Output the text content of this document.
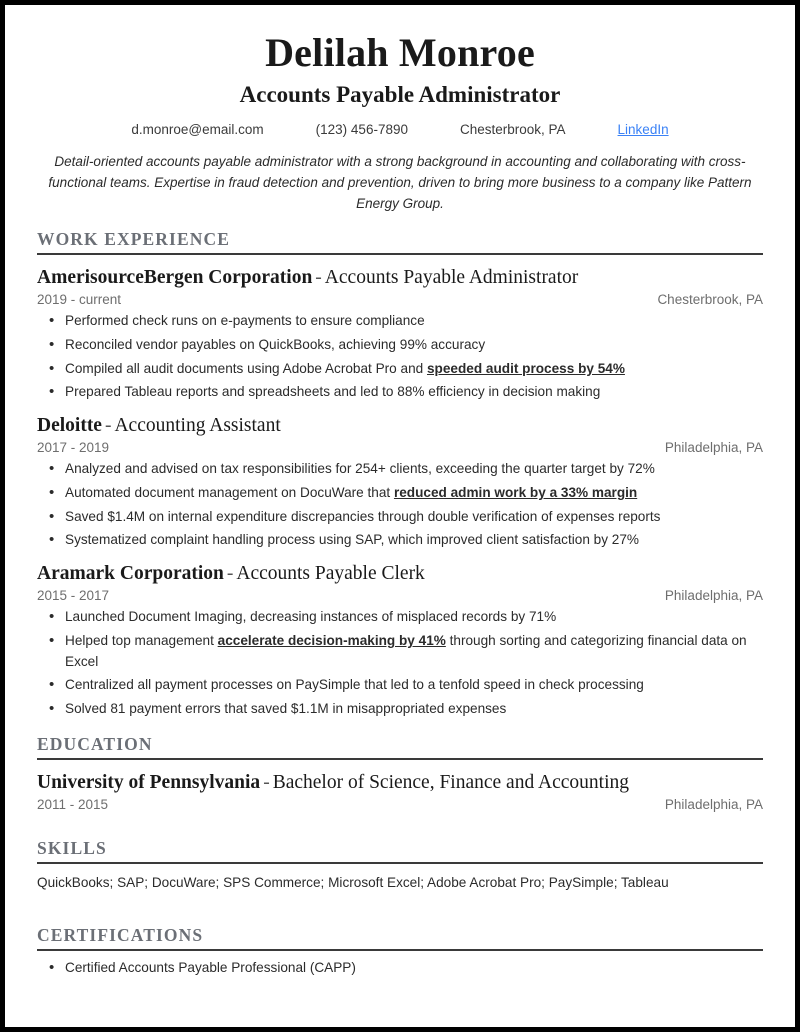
Delilah Monroe
Accounts Payable Administrator
d.monroe@email.com	(123) 456-7890	Chesterbrook, PA	LinkedIn
Detail-oriented accounts payable administrator with a strong background in accounting and collaborating with cross-functional teams. Expertise in fraud detection and prevention, driven to bring more business to a company like Pattern Energy Group.
WORK EXPERIENCE
AmerisourceBergen Corporation - Accounts Payable Administrator
2019 - current	Chesterbrook, PA
• Performed check runs on e-payments to ensure compliance
• Reconciled vendor payables on QuickBooks, achieving 99% accuracy
• Compiled all audit documents using Adobe Acrobat Pro and speeded audit process by 54%
• Prepared Tableau reports and spreadsheets and led to 88% efficiency in decision making
Deloitte - Accounting Assistant
2017 - 2019	Philadelphia, PA
• Analyzed and advised on tax responsibilities for 254+ clients, exceeding the quarter target by 72%
• Automated document management on DocuWare that reduced admin work by a 33% margin
• Saved $1.4M on internal expenditure discrepancies through double verification of expenses reports
• Systematized complaint handling process using SAP, which improved client satisfaction by 27%
Aramark Corporation - Accounts Payable Clerk
2015 - 2017	Philadelphia, PA
• Launched Document Imaging, decreasing instances of misplaced records by 71%
• Helped top management accelerate decision-making by 41% through sorting and categorizing financial data on Excel
• Centralized all payment processes on PaySimple that led to a tenfold speed in check processing
• Solved 81 payment errors that saved $1.1M in misappropriated expenses
EDUCATION
University of Pennsylvania - Bachelor of Science, Finance and Accounting
2011 - 2015	Philadelphia, PA
SKILLS
QuickBooks; SAP; DocuWare; SPS Commerce; Microsoft Excel; Adobe Acrobat Pro; PaySimple; Tableau
CERTIFICATIONS
• Certified Accounts Payable Professional (CAPP)
